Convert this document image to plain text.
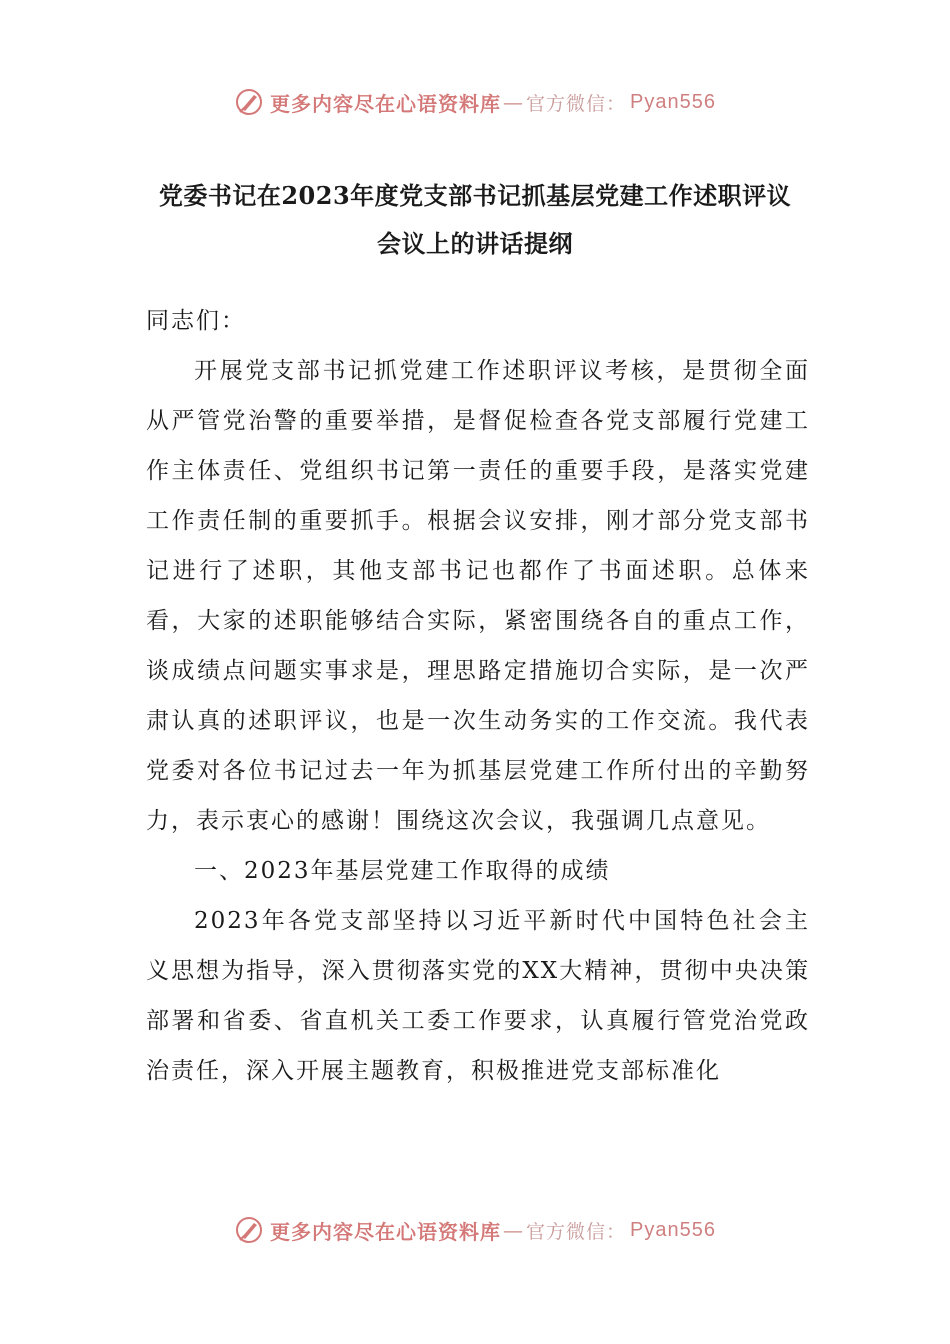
更多内容尽在心语资料库 — 官方微信： Pyan556
党委书记在2023年度党支部书记抓基层党建工作述职评议
会议上的讲话提纲

同志们：

开展党支部书记抓党建工作述职评议考核，是贯彻全面从严管党治警的重要举措，是督促检查各党支部履行党建工作主体责任、党组织书记第一责任的重要手段，是落实党建工作责任制的重要抓手。根据会议安排，刚才部分党支部书记进行了述职，其他支部书记也都作了书面述职。总体来看，大家的述职能够结合实际，紧密围绕各自的重点工作，谈成绩点问题实事求是，理思路定措施切合实际，是一次严肃认真的述职评议，也是一次生动务实的工作交流。我代表党委对各位书记过去一年为抓基层党建工作所付出的辛勤努力，表示衷心的感谢！围绕这次会议，我强调几点意见。

一、2023年基层党建工作取得的成绩

2023年各党支部坚持以习近平新时代中国特色社会主义思想为指导，深入贯彻落实党的XX大精神，贯彻中央决策部署和省委、省直机关工委工作要求，认真履行管党治党政治责任，深入开展主题教育，积极推进党支部标准化

更多内容尽在心语资料库 — 官方微信： Pyan556
